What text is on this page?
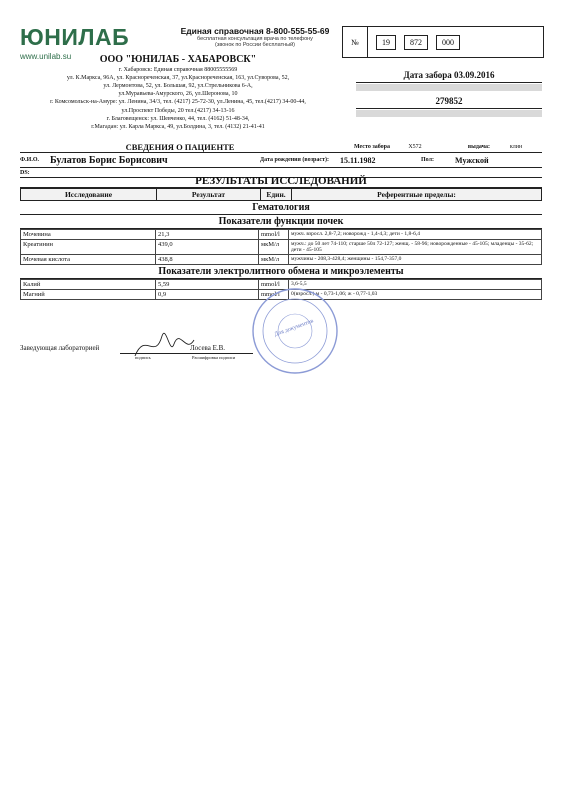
ЮНИЛАБ
www.unilab.su
Единая справочная 8-800-555-55-69
бесплатная консультация врача по телефону
(звонок по России бесплатный)	№	19	872	000
ООО "ЮНИЛАБ - ХАБАРОВСК"
г. Хабаровск: Единая справочная 88005555569
ул. К.Маркса, 96А, ул. Краснореченская, 37, ул.Краснореченская, 163, ул.Суворова, 52,
ул. Лермонтова, 52, ул. Большая, 92, ул.Стрельникова 6-А,
ул.Муравьева-Амурского, 26, ул.Шеронова, 10
г. Комсомольск-на-Амуре: ул. Ленина, 34/3, тел. (4217) 25-72-30, ул.Ленина, 45, тел.(4217) 34-00-44,
ул.Проспект Победы, 20 тел.(4217) 34-13-16
г. Благовещенск: ул. Шевченко, 44, тел. (4162) 51-48-34,
г.Магадан: ул. Карла Маркса, 49, ул.Болдина, 3, тел. (4132) 21-41-41
Дата забора 03.09.2016
279852
СВЕДЕНИЯ О ПАЦИЕНТЕ	Место забора	Х572	выдача:	клин
Ф.И.О.	Булатов Борис Борисович	Дата рождения (возраст):	15.11.1982	Пол:	Мужской
DS:
РЕЗУЛЬТАТЫ ИССЛЕДОВАНИЙ
Исследование	Результат	Един.	Референтные пределы:
Гематология
Показатели функции почек
Мочевина	21,3	mmol/l	мужч. взросл. 2,8-7,2; новорожд - 1,4-4,3; дети - 1,8-6,4
Креатинин	439,0	мкМ/л	мужч.: до 50 лет 74-110; старше 50л 72-127; женщ. - 58-96; новорожденные - 45-105; младенцы - 35-62; дети - 45-105
Мочевая кислота	438,8	мкМ/л	мужчины - 208,3-428,4; женщины - 154,7-357,0
Показатели электролитного обмена и микроэлементы
Калий	5,59	mmol/l	3,6-5,5
Магний	0,9	mmol/l	0(взросл.) м - 0,73-1,06; ж - 0,77-1,03
Заведующая лабораторией
подпись
Лосева Е.В.
Расшифровка подписи
Для документов
